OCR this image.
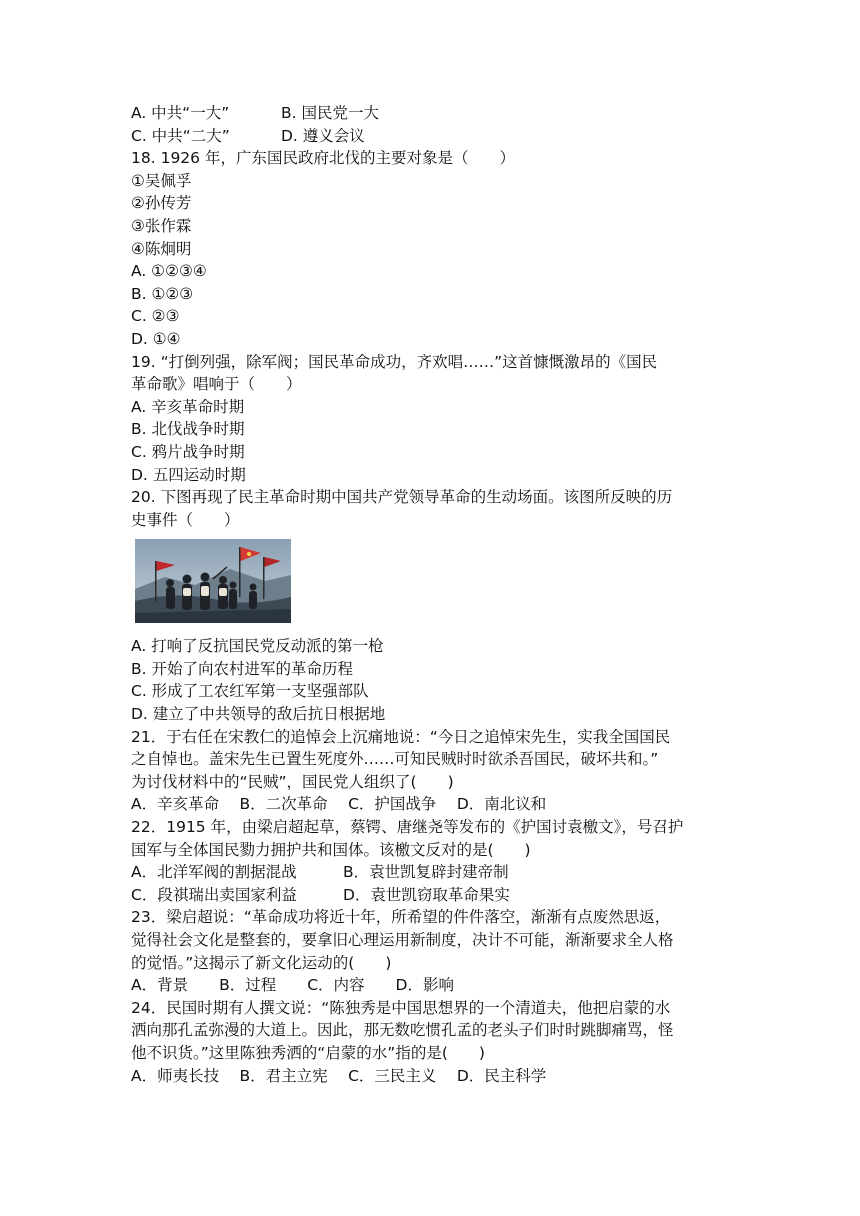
A. 中共“一大”	B. 国民党一大
C. 中共“二大”	D. 遵义会议
18. 1926 年，广东国民政府北伐的主要对象是（　　）
①吴佩孚
②孙传芳
③张作霖
④陈炯明
A. ①②③④
B. ①②③
C. ②③
D. ①④
19. “打倒列强，除军阀；国民革命成功，齐欢唱……”这首慷慨激昂的《国民
革命歌》唱响于（　　）
A. 辛亥革命时期
B. 北伐战争时期
C. 鸦片战争时期
D. 五四运动时期
20. 下图再现了民主革命时期中国共产党领导革命的生动场面。该图所反映的历
史事件（　　）
A. 打响了反抗国民党反动派的第一枪
B. 开始了向农村进军的革命历程
C. 形成了工农红军第一支坚强部队
D. 建立了中共领导的敌后抗日根据地
21．于右任在宋教仁的追悼会上沉痛地说：“今日之追悼宋先生，实我全国国民
之自悼也。盖宋先生已置生死度外……可知民贼时时欲杀吾国民，破坏共和。”
为讨伐材料中的“民贼”，国民党人组织了(　　)
A．辛亥革命　 B．二次革命　 C．护国战争　 D．南北议和
22．1915 年，由梁启超起草，蔡锷、唐继尧等发布的《护国讨袁檄文》，号召护
国军与全体国民勠力拥护共和国体。该檄文反对的是(　　)
A．北洋军阀的割据混战	B．袁世凯复辟封建帝制
C．段祺瑞出卖国家利益	D．袁世凯窃取革命果实
23．梁启超说：“革命成功将近十年，所希望的件件落空，渐渐有点废然思返，
觉得社会文化是整套的，要拿旧心理运用新制度，决计不可能，渐渐要求全人格
的觉悟。”这揭示了新文化运动的(　　)
A．背景　　B．过程　　C．内容　　D．影响
24．民国时期有人撰文说：“陈独秀是中国思想界的一个清道夫，他把启蒙的水
洒向那孔孟弥漫的大道上。因此，那无数吃惯孔孟的老头子们时时跳脚痛骂，怪
他不识货。”这里陈独秀洒的“启蒙的水”指的是(　　)
A．师夷长技　 B．君主立宪　 C．三民主义　 D．民主科学
